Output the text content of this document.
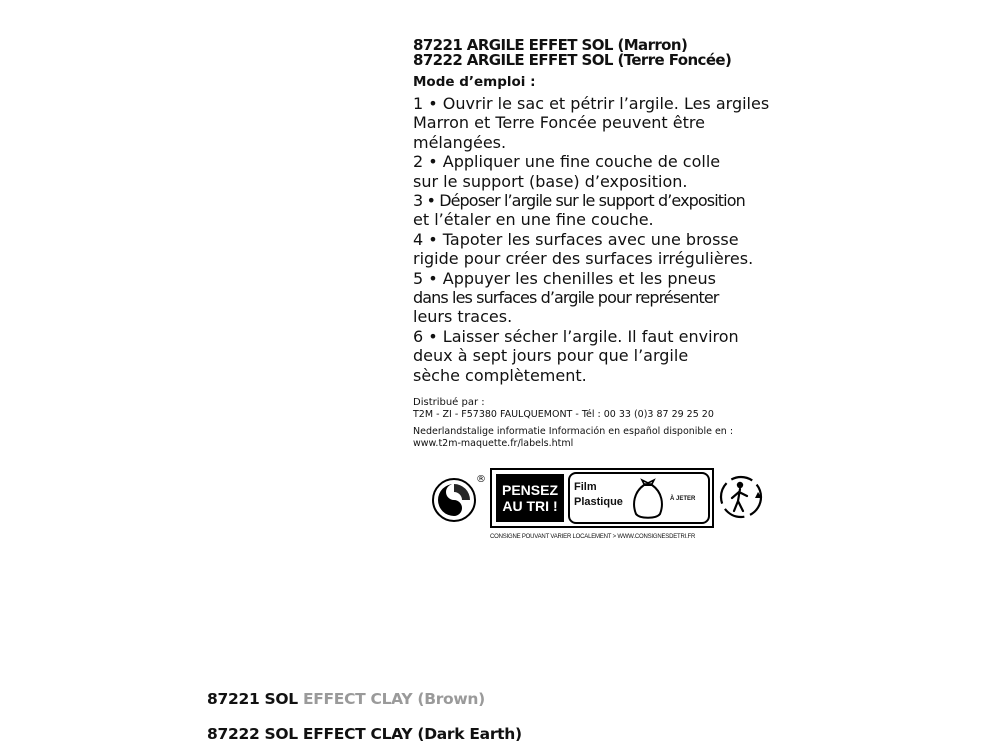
87221 ARGILE EFFET SOL (Marron)
87222 ARGILE EFFET SOL (Terre Foncée)
Mode d’emploi :
1 • Ouvrir le sac et pétrir l’argile. Les argiles
Marron et Terre Foncée peuvent être
mélangées.
2 • Appliquer une fine couche de colle
sur le support (base) d’exposition.
3 • Déposer l’argile sur le support d’exposition
et l’étaler en une fine couche.
4 • Tapoter les surfaces avec une brosse
rigide pour créer des surfaces irrégulières.
5 • Appuyer les chenilles et les pneus
dans les surfaces d’argile pour représenter
leurs traces.
6 • Laisser sécher l’argile. Il faut environ
deux à sept jours pour que l’argile
sèche complètement.
Distribué par :
T2M - ZI - F57380 FAULQUEMONT - Tél : 00 33 (0)3 87 29 25 20
Nederlandstalige informatie Información en español disponible en :
www.t2m-maquette.fr/labels.html
®
PENSEZ
AU TRI !
Film
Plastique	À JETER
CONSIGNE POUVANT VARIER LOCALEMENT > WWW.CONSIGNESDETRI.FR
87221 SOL EFFECT CLAY (Brown)
87222 SOL EFFECT CLAY (Dark Earth)
